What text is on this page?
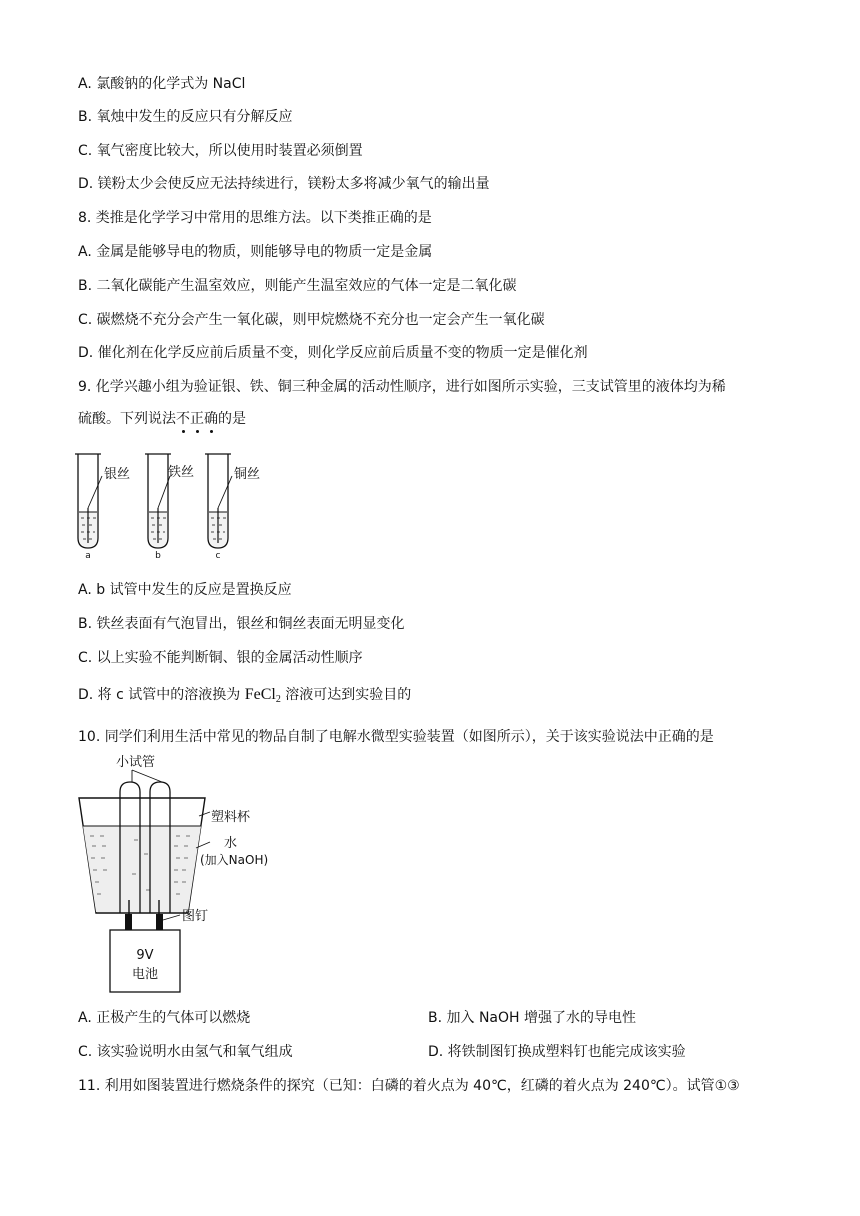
A. 氯酸钠的化学式为 NaCl
B. 氧烛中发生的反应只有分解反应
C. 氧气密度比较大，所以使用时装置必须倒置
D. 镁粉太少会使反应无法持续进行，镁粉太多将减少氧气的输出量
8. 类推是化学学习中常用的思维方法。以下类推正确的是
A. 金属是能够导电的物质，则能够导电的物质一定是金属
B. 二氧化碳能产生温室效应，则能产生温室效应的气体一定是二氧化碳
C. 碳燃烧不充分会产生一氧化碳，则甲烷燃烧不充分也一定会产生一氧化碳
D. 催化剂在化学反应前后质量不变，则化学反应前后质量不变的物质一定是催化剂
9. 化学兴趣小组为验证银、铁、铜三种金属的活动性顺序，进行如图所示实验，三支试管里的液体均为稀
硫酸。下列说法不正确的是
银丝
a
铁丝
b
铜丝
c
A. b 试管中发生的反应是置换反应
B. 铁丝表面有气泡冒出，银丝和铜丝表面无明显变化
C. 以上实验不能判断铜、银的金属活动性顺序
D. 将 c 试管中的溶液换为 FeCl$_2$ 溶液可达到实验目的
10. 同学们利用生活中常见的物品自制了电解水微型实验装置（如图所示），关于该实验说法中正确的是
小试管
塑料杯
水
(加入NaOH)
图钉
9V
电池
A. 正极产生的气体可以燃烧	B. 加入 NaOH 增强了水的导电性
C. 该实验说明水由氢气和氧气组成	D. 将铁制图钉换成塑料钉也能完成该实验
11. 利用如图装置进行燃烧条件的探究（已知：白磷的着火点为 40℃，红磷的着火点为 240℃）。试管①③
